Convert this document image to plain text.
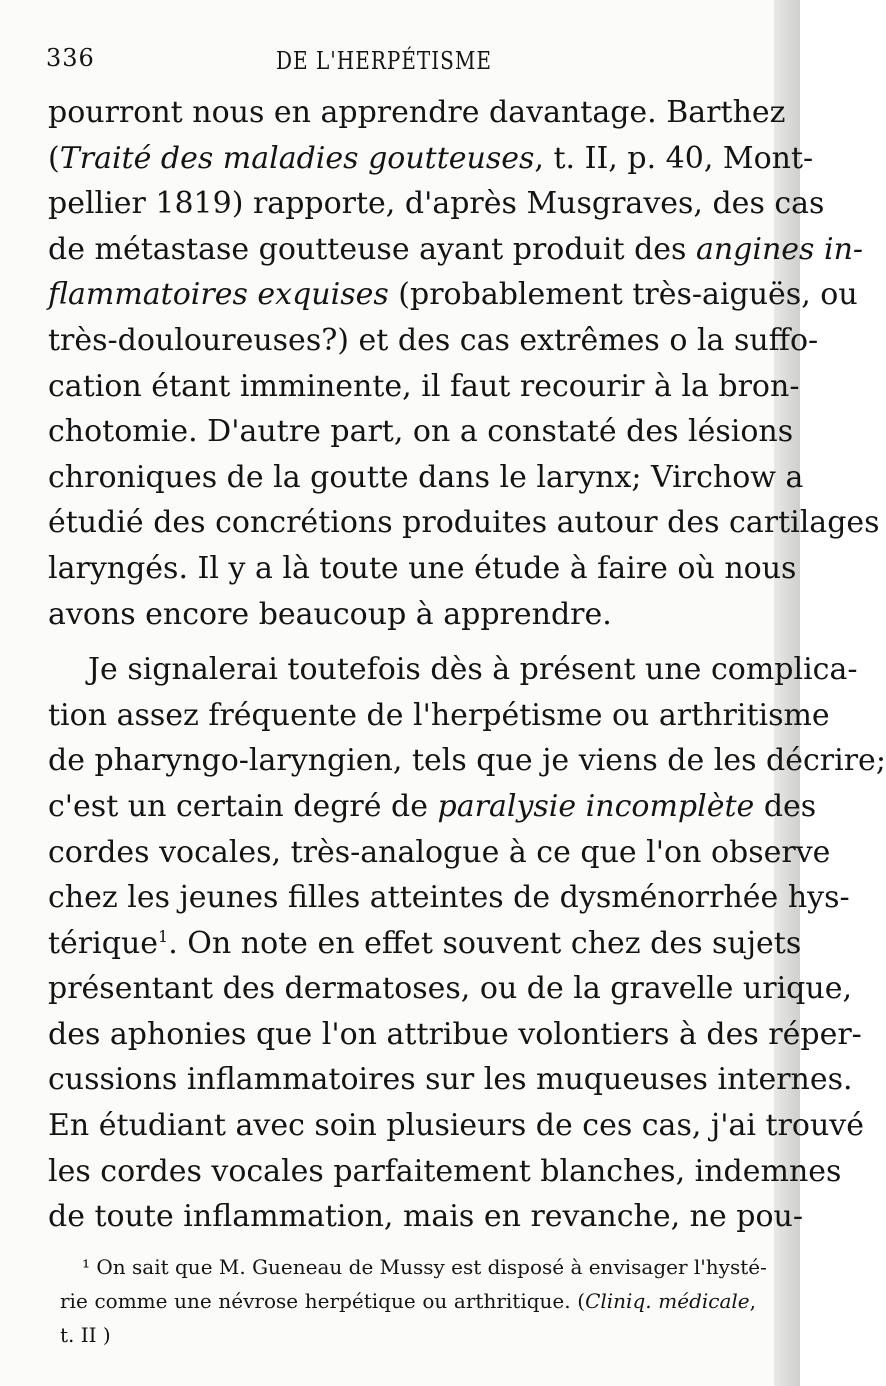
336	DE L'HERPÉTISME
pourront nous en apprendre davantage. Barthez
(Traité des maladies goutteuses, t. II, p. 40, Mont-
pellier 1819) rapporte, d'après Musgraves, des cas
de métastase goutteuse ayant produit des angines in-
flammatoires exquises (probablement très-aiguës, ou
très-douloureuses?) et des cas extrêmes o la suffo-
cation étant imminente, il faut recourir à la bron-
chotomie. D'autre part, on a constaté des lésions
chroniques de la goutte dans le larynx; Virchow a
étudié des concrétions produites autour des cartilages
laryngés. Il y a là toute une étude à faire où nous
avons encore beaucoup à apprendre.
Je signalerai toutefois dès à présent une complica-
tion assez fréquente de l'herpétisme ou arthritisme
de pharyngo-laryngien, tels que je viens de les décrire;
c'est un certain degré de paralysie incomplète des
cordes vocales, très-analogue à ce que l'on observe
chez les jeunes filles atteintes de dysménorrhée hys-
térique$^1$. On note en effet souvent chez des sujets
présentant des dermatoses, ou de la gravelle urique,
des aphonies que l'on attribue volontiers à des réper-
cussions inflammatoires sur les muqueuses internes.
En étudiant avec soin plusieurs de ces cas, j'ai trouvé
les cordes vocales parfaitement blanches, indemnes
de toute inflammation, mais en revanche, ne pou-
¹ On sait que M. Gueneau de Mussy est disposé à envisager l'hysté-
rie comme une névrose herpétique ou arthritique. (Cliniq. médicale,
t. II )
